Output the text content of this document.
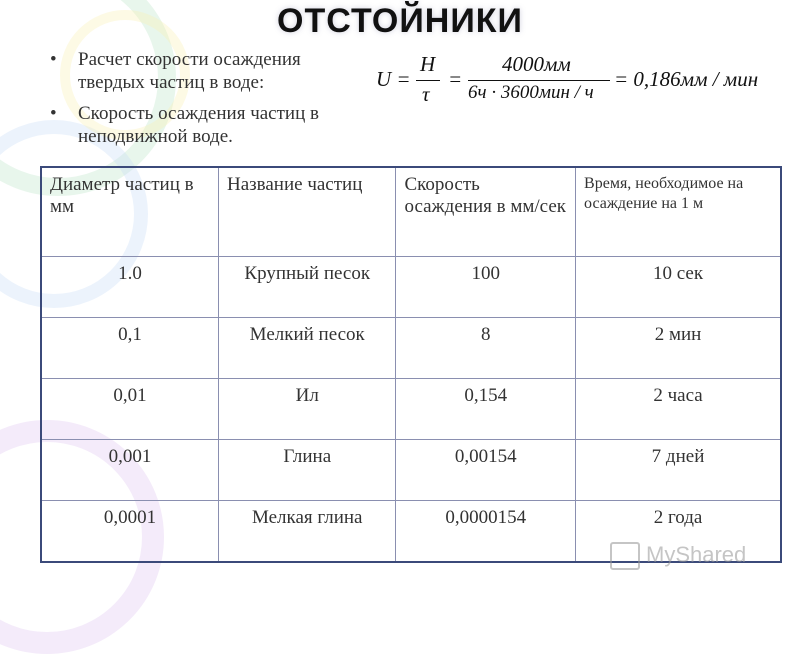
ОТСТОЙНИКИ
• Расчет скорости осаждения твердых частиц в воде:
• Скорость осаждения частиц в неподвижной воде.
U =
H
τ
=
4000мм
6ч · 3600мин / ч
= 0,186мм / мин
Диаметр частиц в мм	Название частиц	Скорость осаждения в мм/сек	Время, необходимое на осаждение на 1 м
1.0	Крупный песок	100	10 сек
0,1	Мелкий песок	8	2 мин
0,01	Ил	0,154	2 часа
0,001	Глина	0,00154	7 дней
0,0001	Мелкая глина	0,0000154	2 года
MyShared
